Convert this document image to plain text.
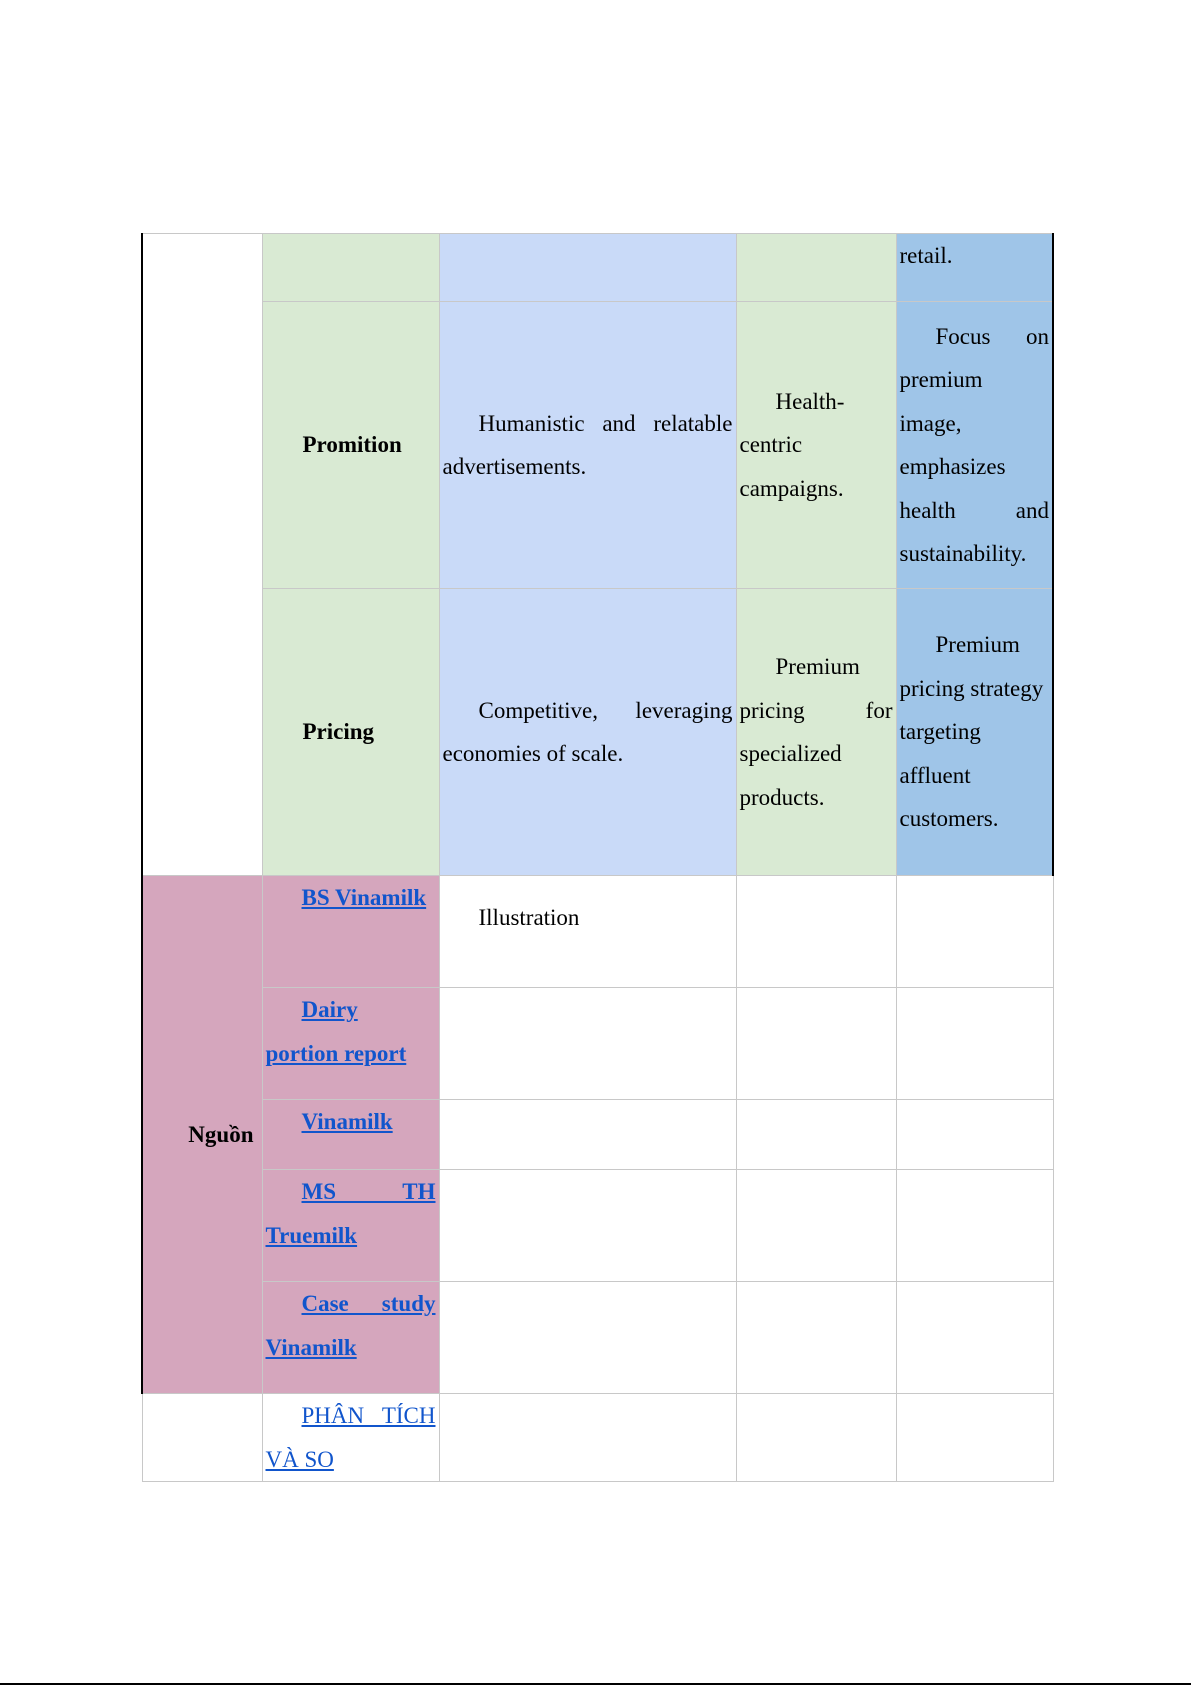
				retail.
	Promition	Humanistic and relatable advertisements.	Health-centric campaigns.	Focus on premium image, emphasizes health and sustainability.
	Pricing	Competitive, leveraging economies of scale.	Premium pricing for specialized products.	Premium pricing strategy targeting affluent customers.
Nguồn	BS Vinamilk	Illustration		
	Dairy portion report			
	Vinamilk			
	MS TH Truemilk			
	Case study Vinamilk			
	PHÂN TÍCH VÀ SO			
